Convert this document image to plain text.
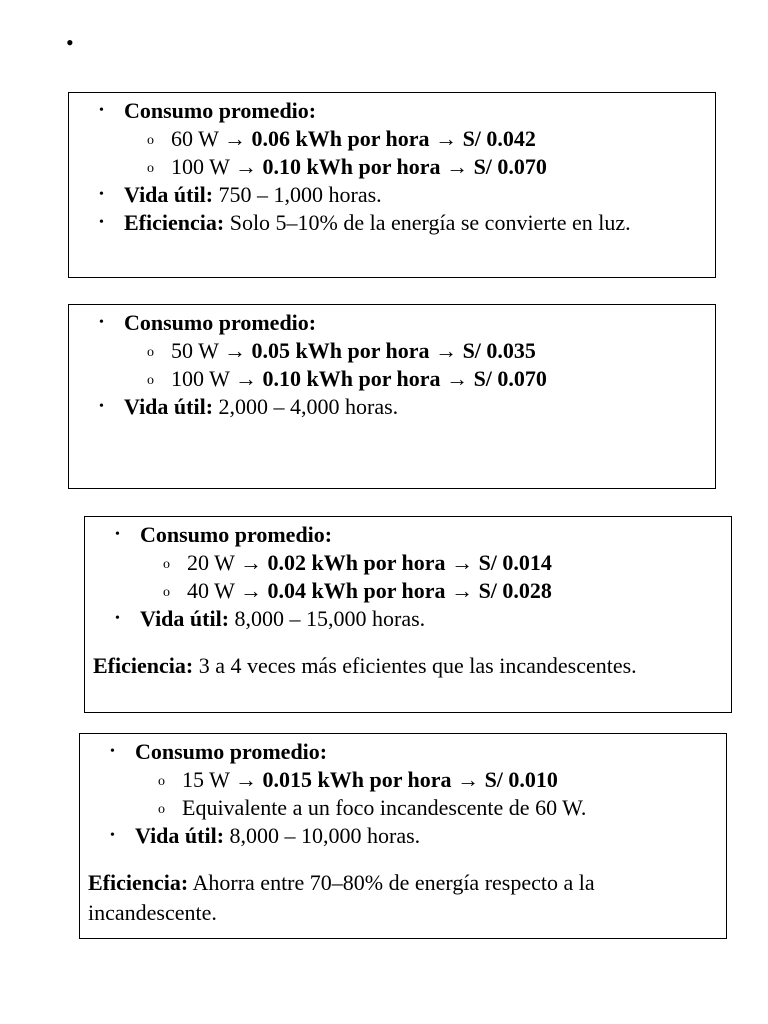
•
• Consumo promedio:
o 60 W → 0.06 kWh por hora → S/ 0.042
o 100 W → 0.10 kWh por hora → S/ 0.070
• Vida útil: 750 – 1,000 horas.
• Eficiencia: Solo 5–10% de la energía se convierte en luz.
• Consumo promedio:
o 50 W → 0.05 kWh por hora → S/ 0.035
o 100 W → 0.10 kWh por hora → S/ 0.070
• Vida útil: 2,000 – 4,000 horas.
• Consumo promedio:
o 20 W → 0.02 kWh por hora → S/ 0.014
o 40 W → 0.04 kWh por hora → S/ 0.028
• Vida útil: 8,000 – 15,000 horas.

Eficiencia: 3 a 4 veces más eficientes que las incandescentes.

• Consumo promedio:
o 15 W → 0.015 kWh por hora → S/ 0.010
o Equivalente a un foco incandescente de 60 W.
• Vida útil: 8,000 – 10,000 horas.

Eficiencia: Ahorra entre 70–80% de energía respecto a la incandescente.
